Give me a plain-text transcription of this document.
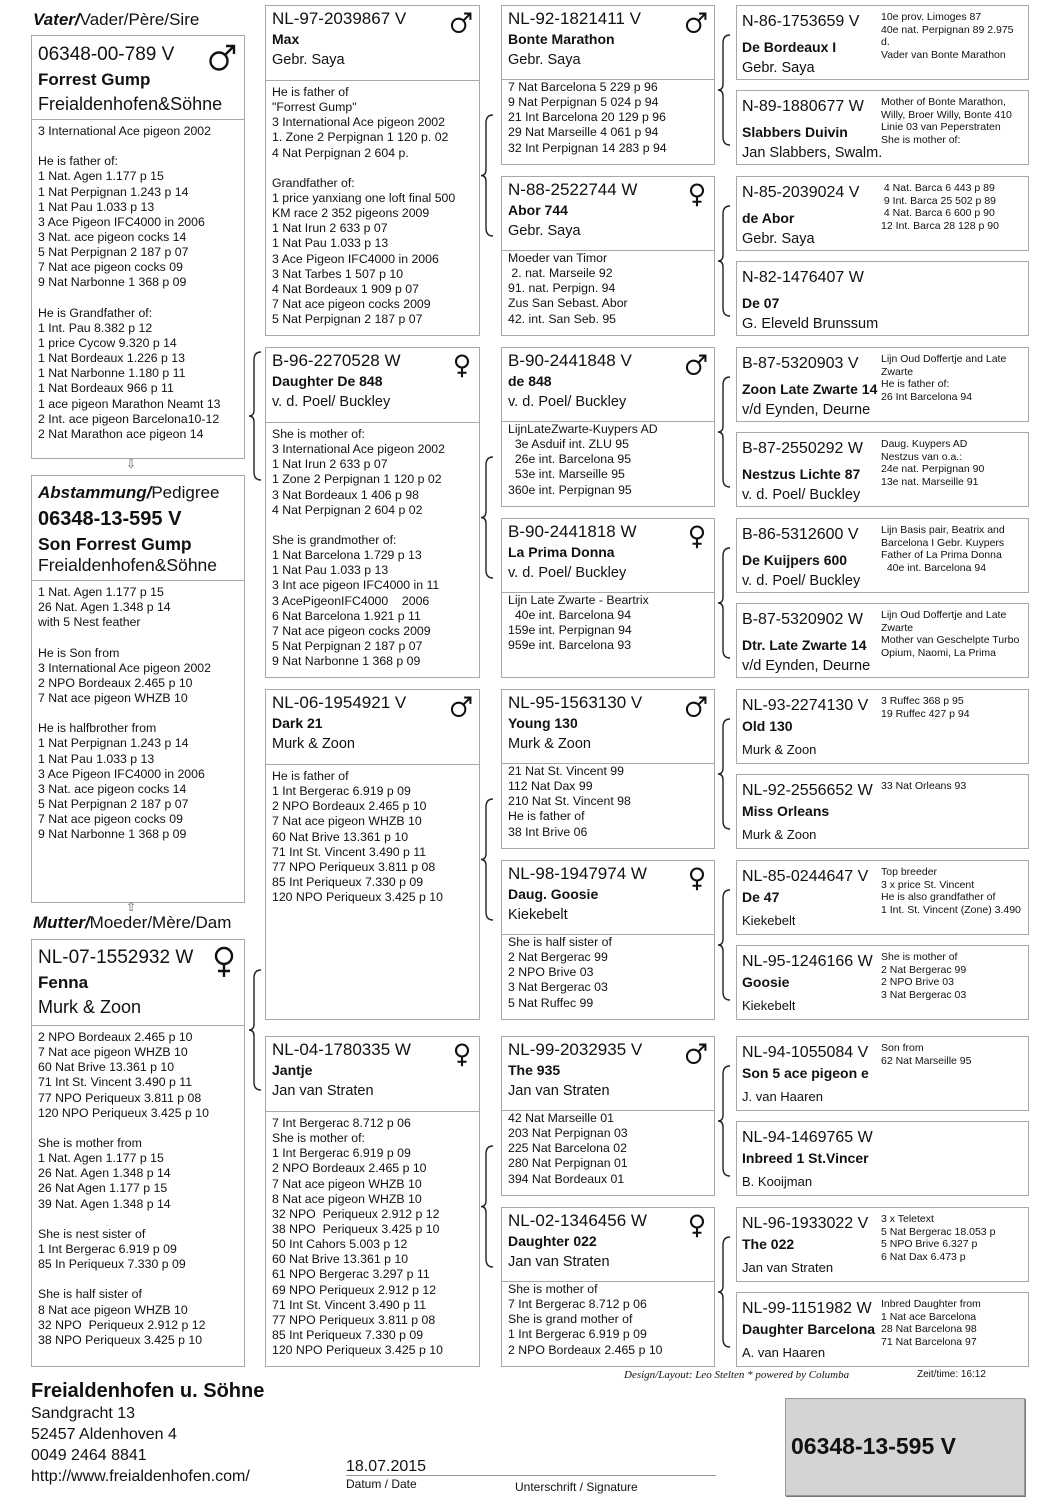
Vater/Vader/Père/Sire
06348-00-789 V
Forrest Gump
Freialdenhofen&Söhne
3 International Ace pigeon 2002
He is father of:
1 Nat. Agen 1.177 p 15
1 Nat Perpignan 1.243 p 14
1 Nat Pau 1.033 p 13
3 Ace Pigeon IFC4000 in 2006
3 Nat. ace pigeon cocks 14
5 Nat Perpignan 2 187 p 07
7 Nat ace pigeon cocks 09
9 Nat Narbonne 1 368 p 09
He is Grandfather of:
1 Int. Pau 8.382 p 12
1 price Cycow 9.320 p 14
1 Nat Bordeaux 1.226 p 13
1 Nat Narbonne 1.180 p 11
1 Nat Bordeaux 966 p 11
1 ace pigeon Marathon Neamt 13
2 Int. ace pigeon Barcelona10-12
2 Nat Marathon ace pigeon 14
⇩
Abstammung/Pedigree
06348-13-595 V
Son Forrest Gump
Freialdenhofen&Söhne
1 Nat. Agen 1.177 p 15
26 Nat. Agen 1.348 p 14
with 5 Nest feather
He is Son from
3 International Ace pigeon 2002
2 NPO Bordeaux 2.465 p 10
7 Nat ace pigeon WHZB 10
He is halfbrother from
1 Nat Perpignan 1.243 p 14
1 Nat Pau 1.033 p 13
3 Ace Pigeon IFC4000 in 2006
3 Nat. ace pigeon cocks 14
5 Nat Perpignan 2 187 p 07
7 Nat ace pigeon cocks 09
9 Nat Narbonne 1 368 p 09
⇧
Mutter/Moeder/Mère/Dam
NL-07-1552932 W
Fenna
Murk & Zoon
2 NPO Bordeaux 2.465 p 10
7 Nat ace pigeon WHZB 10
60 Nat Brive 13.361 p 10
71 Int St. Vincent 3.490 p 11
77 NPO Periqueux 3.811 p 08
120 NPO Periqueux 3.425 p 10
She is mother from
1 Nat. Agen 1.177 p 15
26 Nat. Agen 1.348 p 14
26 Nat Agen 1.177 p 15
39 Nat. Agen 1.348 p 14
She is nest sister of
1 Int Bergerac 6.919 p 09
85 In Periqueux 7.330 p 09
She is half sister of
8 Nat ace pigeon WHZB 10
32 NPO  Periqueux 2.912 p 12
38 NPO Periqueux 3.425 p 10
NL-97-2039867 V
Max
Gebr. Saya
He is father of
"Forrest Gump"
3 International Ace pigeon 2002
1. Zone 2 Perpignan 1 120 p. 02
4 Nat Perpignan 2 604 p.
Grandfather of:
1 price yanxiang one loft final 500
KM race 2 352 pigeons 2009
1 Nat Irun 2 633 p 07
1 Nat Pau 1.033 p 13
3 Ace Pigeon IFC4000 in 2006
3 Nat Tarbes 1 507 p 10
4 Nat Bordeaux 1 909 p 07
7 Nat ace pigeon cocks 2009
5 Nat Perpignan 2 187 p 07
B-96-2270528 W
Daughter De 848
v. d. Poel/ Buckley
She is mother of:
3 International Ace pigeon 2002
1 Nat Irun 2 633 p 07
1 Zone 2 Perpignan 1 120 p 02
3 Nat Bordeaux 1 406 p 98
4 Nat Perpignan 2 604 p 02
She is grandmother of:
1 Nat Barcelona 1.729 p 13
1 Nat Pau 1.033 p 13
3 Int ace pigeon IFC4000 in 11
3 AcePigeonIFC4000    2006
6 Nat Barcelona 1.921 p 11
7 Nat ace pigeon cocks 2009
5 Nat Perpignan 2 187 p 07
9 Nat Narbonne 1 368 p 09
NL-06-1954921 V
Dark 21
Murk & Zoon
He is father of
1 Int Bergerac 6.919 p 09
2 NPO Bordeaux 2.465 p 10
7 Nat ace pigeon WHZB 10
60 Nat Brive 13.361 p 10
71 Int St. Vincent 3.490 p 11
77 NPO Periqueux 3.811 p 08
85 Int Periqueux 7.330 p 09
120 NPO Periqueux 3.425 p 10
NL-04-1780335 W
Jantje
Jan van Straten
7 Int Bergerac 8.712 p 06
She is mother of:
1 Int Bergerac 6.919 p 09
2 NPO Bordeaux 2.465 p 10
7 Nat ace pigeon WHZB 10
8 Nat ace pigeon WHZB 10
32 NPO  Periqueux 2.912 p 12
38 NPO  Periqueux 3.425 p 10
50 Int Cahors 5.003 p 12
60 Nat Brive 13.361 p 10
61 NPO Bergerac 3.297 p 11
69 NPO Periqueux 2.912 p 12
71 Int St. Vincent 3.490 p 11
77 NPO Periqueux 3.811 p 08
85 Int Periqueux 7.330 p 09
120 NPO Periqueux 3.425 p 10
NL-92-1821411 V
Bonte Marathon
Gebr. Saya
7 Nat Barcelona 5 229 p 96
9 Nat Perpignan 5 024 p 94
21 Int Barcelona 20 129 p 96
29 Nat Marseille 4 061 p 94
32 Int Perpignan 14 283 p 94
N-88-2522744 W
Abor 744
Gebr. Saya
Moeder van Timor
2. nat. Marseile 92
91. nat. Perpign. 94
Zus San Sebast. Abor
42. int. San Seb. 95
B-90-2441848 V
de 848
v. d. Poel/ Buckley
LijnLateZwarte-Kuypers AD
3e Asduif int. ZLU 95
26e int. Barcelona 95
53e int. Marseille 95
360e int. Perpignan 95
B-90-2441818 W
La Prima Donna
v. d. Poel/ Buckley
Lijn Late Zwarte - Beartrix
40e int. Barcelona 94
159e int. Perpignan 94
959e int. Barcelona 93
NL-95-1563130 V
Young 130
Murk & Zoon
21 Nat St. Vincent 99
112 Nat Dax 99
210 Nat St. Vincent 98
He is father of
38 Int Brive 06
NL-98-1947974 W
Daug. Goosie
Kiekebelt
She is half sister of
2 Nat Bergerac 99
2 NPO Brive 03
3 Nat Bergerac 03
5 Nat Ruffec 99
NL-99-2032935 V
The 935
Jan van Straten
42 Nat Marseille 01
203 Nat Perpignan 03
225 Nat Barcelona 02
280 Nat Perpignan 01
394 Nat Bordeaux 01
NL-02-1346456 W
Daughter 022
Jan van Straten
She is mother of
7 Int Bergerac 8.712 p 06
She is grand mother of
1 Int Bergerac 6.919 p 09
2 NPO Bordeaux 2.465 p 10
N-86-1753659 V
De Bordeaux I
Gebr. Saya
10e prov. Limoges 87
40e nat. Perpignan 89 2.975
d.
Vader van Bonte Marathon
N-89-1880677 W
Slabbers Duivin
Jan Slabbers, Swalm.
Mother of Bonte Marathon,
Willy, Broer Willy, Bonte 410
Linie 03 van Peperstraten
She is mother of:
N-85-2039024 V
de Abor
Gebr. Saya
4 Nat. Barca 6 443 p 89
9 Int. Barca 25 502 p 89
4 Nat. Barca 6 600 p 90
12 Int. Barca 28 128 p 90
N-82-1476407 W
De 07
G. Eleveld Brunssum
B-87-5320903 V
Zoon Late Zwarte 14
v/d Eynden, Deurne
Lijn Oud Doffertje and Late
Zwarte
He is father of:
26 Int Barcelona 94
B-87-2550292 W
Nestzus Lichte 87
v. d. Poel/ Buckley
Daug. Kuypers AD
Nestzus van o.a.:
24e nat. Perpignan 90
13e nat. Marseille 91
B-86-5312600 V
De Kuijpers 600
v. d. Poel/ Buckley
Lijn Basis pair, Beatrix and
Barcelona I Gebr. Kuypers
Father of La Prima Donna
40e int. Barcelona 94
B-87-5320902 W
Dtr. Late Zwarte 14
v/d Eynden, Deurne
Lijn Oud Doffertje and Late
Zwarte
Mother van Geschelpte Turbo
Opium, Naomi, La Prima
NL-93-2274130 V
Old 130
Murk & Zoon
3 Ruffec 368 p 95
19 Ruffec 427 p 94
NL-92-2556652 W
Miss Orleans
Murk & Zoon
33 Nat Orleans 93
NL-85-0244647 V
De 47
Kiekebelt
Top breeder
3 x price St. Vincent
He is also grandfather of
1 Int. St. Vincent (Zone) 3.490
NL-95-1246166 W
Goosie
Kiekebelt
She is mother of
2 Nat Bergerac 99
2 NPO Brive 03
3 Nat Bergerac 03
NL-94-1055084 V
Son 5 ace pigeon e
J. van Haaren
Son from
62 Nat Marseille 95
NL-94-1469765 W
Inbreed 1 St.Vincer
B. Kooijman
NL-96-1933022 V
The 022
Jan van Straten
3 x Teletext
5 Nat Bergerac 18.053 p
5 NPO Brive 6.327 p
6 Nat Dax 6.473 p
NL-99-1151982 W
Daughter Barcelona
A. van Haaren
Inbred Daughter from
1 Nat ace Barcelona
28 Nat Barcelona 98
71 Nat Barcelona 97
Freialdenhofen u. Söhne
Sandgracht 13
52457 Aldenhoven 4
0049 2464 8841
http://www.freialdenhofen.com/
18.07.2015
Datum / Date	Unterschrift / Signature
Design/Layout: Leo Stelten * powered by Columba	Zeit/time: 16:12
06348-13-595 V
